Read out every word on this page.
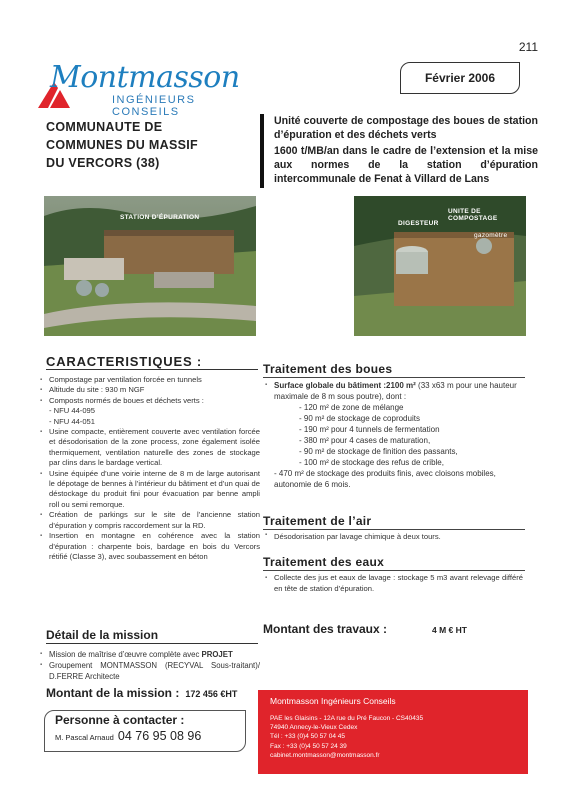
211
Montmasson
INGÉNIEURS CONSEILS
Février 2006
COMMUNAUTE DE
COMMUNES DU MASSIF
DU VERCORS (38)

Unité couverte de compostage des boues de station d’épuration et des déchets verts

1600 t/MB/an dans le cadre de l’extension et la mise aux normes de la station d’épuration intercommunale de Fenat à Villard de Lans

STATION D’ÉPURATION
DIGESTEUR
UNITE DE COMPOSTAGE
gazomètre
CARACTERISTIQUES :
▪ Compostage par ventilation forcée en tunnels
▪ Altitude du site : 930 m NGF
▪ Composts normés de boues et déchets verts :
- NFU 44-095
- NFU 44-051
▪ Usine compacte, entièrement couverte avec ventilation forcée et désodorisation de la zone process, zone également isolée thermiquement, ventilation naturelle des zones de stockage par clins dans le bardage vertical.
▪ Usine équipée d’une voirie interne de 8 m de large autorisant le dépotage de bennes à l’intérieur du bâtiment et d’un quai de déstockage du produit fini pour évacuation par benne ampli roll ou semi remorque.
▪ Création de parkings sur le site de l’ancienne station d’épuration y compris raccordement sur la RD.
▪ Insertion en montagne en cohérence avec la station d’épuration : charpente bois, bardage en bois du Vercors rétifié (Classe 3), avec soubassement en béton
Détail de la mission
▪ Mission de maîtrise d’œuvre complète avec PROJET
▪ Groupement MONTMASSON (RECYVAL Sous-traitant)/ D.FERRE Architecte
Montant de la mission : 172 456 €HT
Personne à contacter :
M. Pascal Arnaud 04 76 95 08 96
Traitement des boues
▪ Surface globale du bâtiment :2100 m² (33 x63 m pour une hauteur maximale de 8 m sous poutre), dont :
- 120 m² de zone de mélange
- 90 m² de stockage de coproduits
- 190 m² pour 4 tunnels de fermentation
- 380 m² pour 4 cases de maturation,
- 90 m² de stockage de finition des passants,
- 100 m² de stockage des refus de crible,
- 470 m² de stockage des produits finis, avec cloisons mobiles, autonomie de 6 mois.
Traitement de l’air
▪ Désodorisation par lavage chimique à deux tours.
Traitement des eaux
▪ Collecte des jus et eaux de lavage : stockage 5 m3 avant relevage différé en tête de station d’épuration.
Montant des travaux :	4 M € HT
Montmasson Ingénieurs Conseils
PAE les Glaisins - 12A rue du Pré Faucon - CS40435
74940 Annecy-le-Vieux Cedex
Tél : +33 (0)4 50 57 04 45
Fax : +33 (0)4 50 57 24 39
cabinet.montmasson@montmasson.fr
